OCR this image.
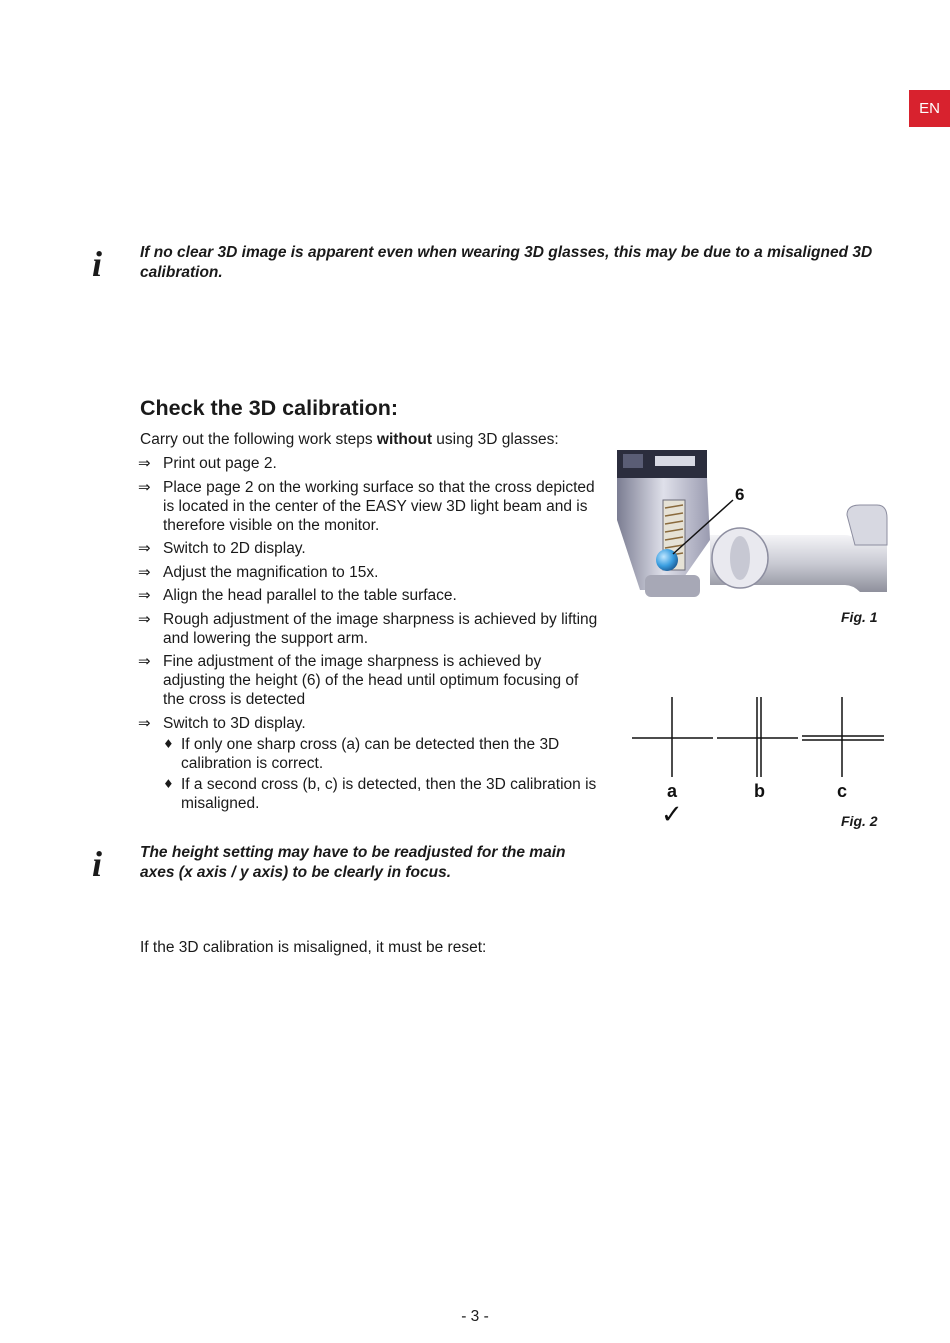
EN
i	If no clear 3D image is apparent even when wearing 3D glasses, this may be due to a misaligned 3D calibration.
Check the 3D calibration:
Carry out the following work steps without using 3D glasses:
⇒ Print out page 2.
⇒ Place page 2 on the working surface so that the cross depicted is located in the center of the EASY view 3D light beam and is therefore visible on the monitor.
⇒ Switch to 2D display.
⇒ Adjust the magnification to 15x.
⇒ Align the head parallel to the table surface.
⇒ Rough adjustment of the image sharpness is achieved by lifting and lowering the support arm.
⇒ Fine adjustment of the image sharpness is achieved by adjusting the height (6) of the head until optimum focusing of the cross is detected
⇒ Switch to 3D display.
♦ If only one sharp cross (a) can be detected then the 3D calibration is correct.
♦ If a second cross (b, c) is detected, then the 3D calibration is misaligned.
6
Fig. 1
a	b	c
✓	Fig. 2
i	The height setting may have to be readjusted for the main axes (x axis / y axis) to be clearly in focus.
If the 3D calibration is misaligned, it must be reset:
- 3 -
